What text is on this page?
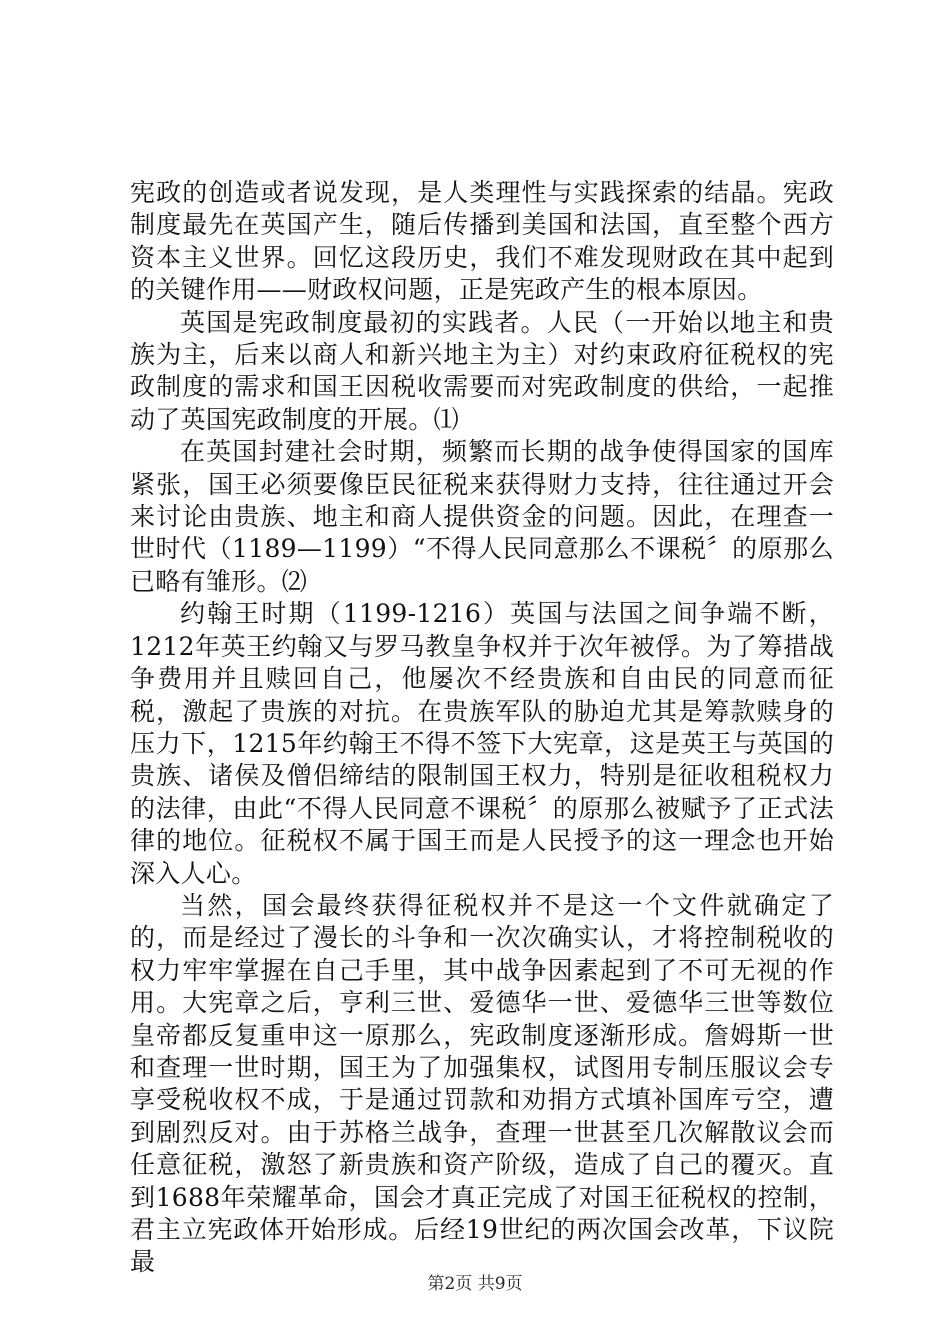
宪政的创造或者说发现，是人类理性与实践探索的结晶。宪政制度最先在英国产生，随后传播到美国和法国，直至整个西方资本主义世界。回忆这段历史，我们不难发现财政在其中起到的关键作用——财政权问题，正是宪政产生的根本原因。

英国是宪政制度最初的实践者。人民（一开始以地主和贵族为主，后来以商人和新兴地主为主）对约束政府征税权的宪政制度的需求和国王因税收需要而对宪政制度的供给，一起推动了英国宪政制度的开展。⑴

在英国封建社会时期，频繁而长期的战争使得国家的国库紧张，国王必须要像臣民征税来获得财力支持，往往通过开会来讨论由贵族、地主和商人提供资金的问题。因此，在理查一世时代（1189—1199）“不得人民同意那么不课税〞的原那么已略有雏形。⑵

约翰王时期（1199-1216）英国与法国之间争端不断，1212年英王约翰又与罗马教皇争权并于次年被俘。为了筹措战争费用并且赎回自己，他屡次不经贵族和自由民的同意而征税，激起了贵族的对抗。在贵族军队的胁迫尤其是筹款赎身的压力下，1215年约翰王不得不签下大宪章，这是英王与英国的贵族、诸侯及僧侣缔结的限制国王权力，特别是征收租税权力的法律，由此“不得人民同意不课税〞的原那么被赋予了正式法律的地位。征税权不属于国王而是人民授予的这一理念也开始深入人心。

当然，国会最终获得征税权并不是这一个文件就确定了的，而是经过了漫长的斗争和一次次确实认，才将控制税收的权力牢牢掌握在自己手里，其中战争因素起到了不可无视的作用。大宪章之后，亨利三世、爱德华一世、爱德华三世等数位皇帝都反复重申这一原那么，宪政制度逐渐形成。詹姆斯一世和查理一世时期，国王为了加强集权，试图用专制压服议会专享受税收权不成，于是通过罚款和劝捐方式填补国库亏空，遭到剧烈反对。由于苏格兰战争，查理一世甚至几次解散议会而任意征税，激怒了新贵族和资产阶级，造成了自己的覆灭。直到1688年荣耀革命，国会才真正完成了对国王征税权的控制，君主立宪政体开始形成。后经19世纪的两次国会改革，下议院最

第2页 共9页
